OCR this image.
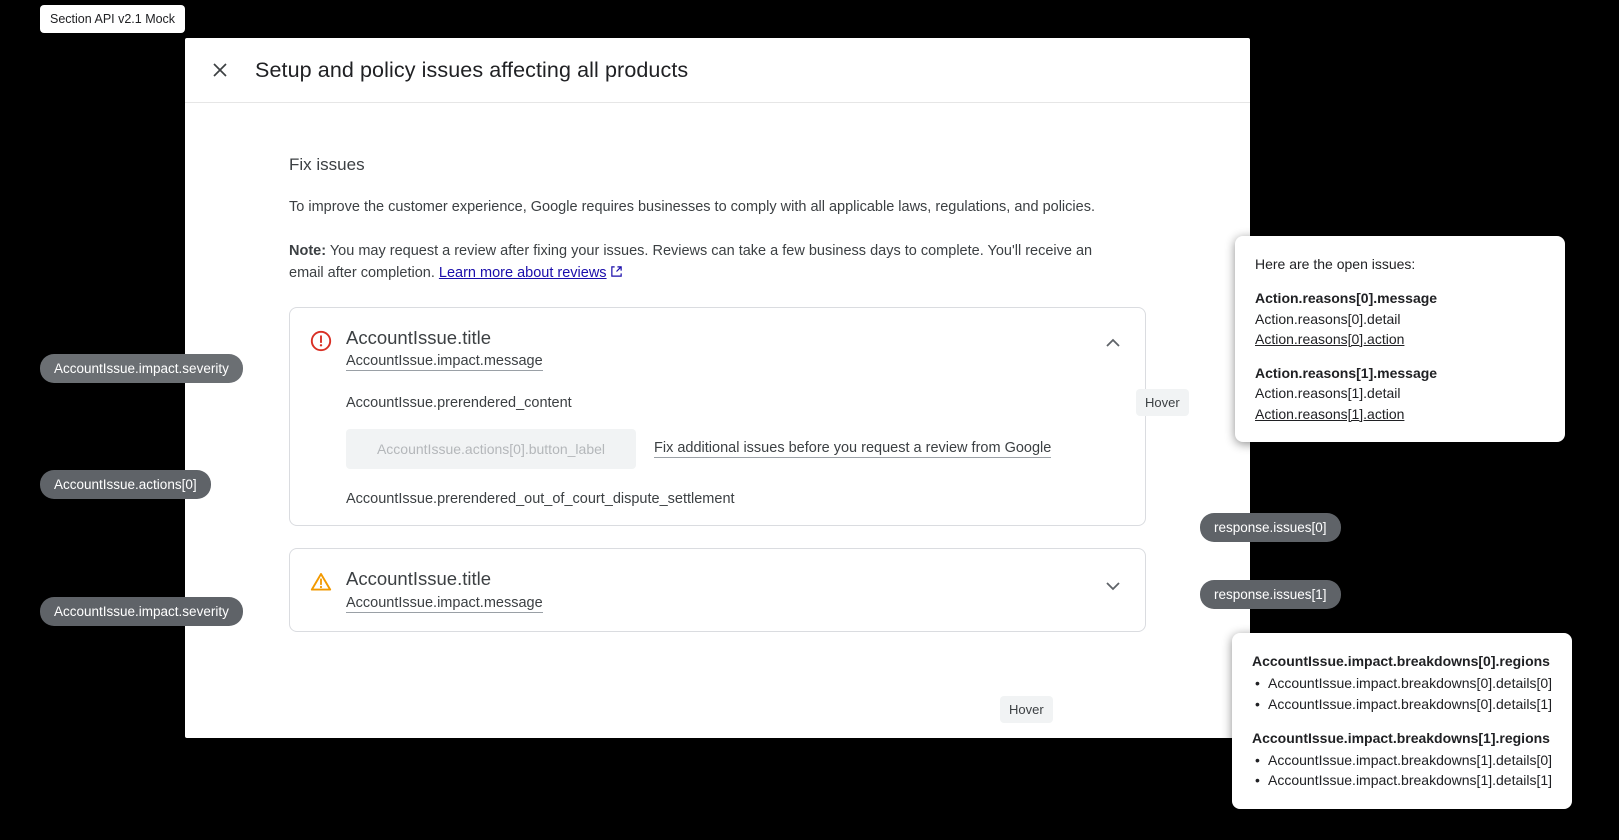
Section API v2.1 Mock
Setup and policy issues affecting all products
Fix issues

To improve the customer experience, Google requires businesses to comply with all applicable laws, regulations, and policies.

Note: You may request a review after fixing your issues. Reviews can take a few business days to complete. You'll receive an email after completion. Learn more about reviews

AccountIssue.title
AccountIssue.impact.message
AccountIssue.prerendered_content
AccountIssue.actions[0].button_label	Fix additional issues before you request a review from Google
AccountIssue.prerendered_out_of_court_dispute_settlement
AccountIssue.title
AccountIssue.impact.message
AccountIssue.impact.severity
AccountIssue.actions[0]
AccountIssue.impact.severity
response.issues[0]
response.issues[1]
Hover
Hover
Here are the open issues:
Action.reasons[0].message
Action.reasons[0].detail
Action.reasons[0].action
Action.reasons[1].message
Action.reasons[1].detail
Action.reasons[1].action
AccountIssue.impact.breakdowns[0].regions
• AccountIssue.impact.breakdowns[0].details[0]
• AccountIssue.impact.breakdowns[0].details[1]
AccountIssue.impact.breakdowns[1].regions
• AccountIssue.impact.breakdowns[1].details[0]
• AccountIssue.impact.breakdowns[1].details[1]
